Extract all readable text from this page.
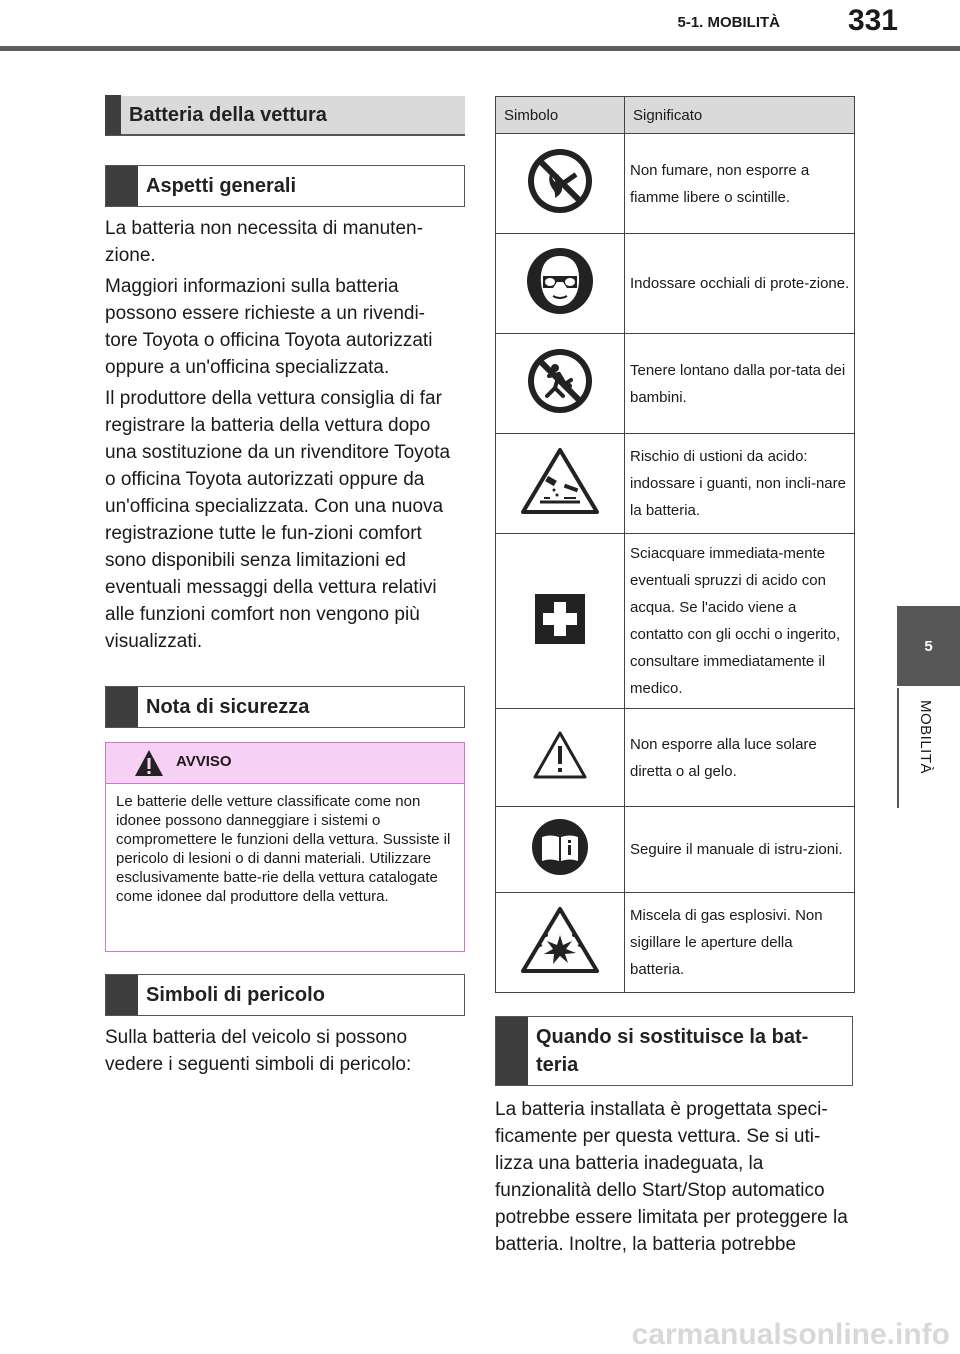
5-1. MOBILITÀ	331
5
MOBILITÀ
Batteria della vettura
Aspetti generali

La batteria non necessita di manuten-zione.

Maggiori informazioni sulla batteria possono essere richieste a un rivendi-tore Toyota o officina Toyota autorizzati oppure a un'officina specializzata.

Il produttore della vettura consiglia di far registrare la batteria della vettura dopo una sostituzione da un rivenditore Toyota o officina Toyota autorizzati oppure da un'officina specializzata. Con una nuova registrazione tutte le fun-zioni comfort sono disponibili senza limitazioni ed eventuali messaggi della vettura relativi alle funzioni comfort non vengono più visualizzati.

Nota di sicurezza
AVVISO
Le batterie delle vetture classificate come non idonee possono danneggiare i sistemi o compromettere le funzioni della vettura. Sussiste il pericolo di lesioni o di danni materiali. Utilizzare esclusivamente batte-rie della vettura catalogate come idonee dal produttore della vettura.
Simboli di pericolo

Sulla batteria del veicolo si possono vedere i seguenti simboli di pericolo:

Simbolo	Significato
	Non fumare, non esporre a fiamme libere o scintille.
	Indossare occhiali di prote-zione.
	Tenere lontano dalla por-tata dei bambini.
	Rischio di ustioni da acido: indossare i guanti, non incli-nare la batteria.
	Sciacquare immediata-mente eventuali spruzzi di acido con acqua. Se l'acido viene a contatto con gli occhi o ingerito, consultare immediatamente il medico.
	Non esporre alla luce solare diretta o al gelo.
	Seguire il manuale di istru-zioni.
	Miscela di gas esplosivi. Non sigillare le aperture della batteria.
Quando si sostituisce la bat-teria

La batteria installata è progettata speci-ficamente per questa vettura. Se si uti-lizza una batteria inadeguata, la funzionalità dello Start/Stop automatico potrebbe essere limitata per proteggere la batteria. Inoltre, la batteria potrebbe

carmanualsonline.info
